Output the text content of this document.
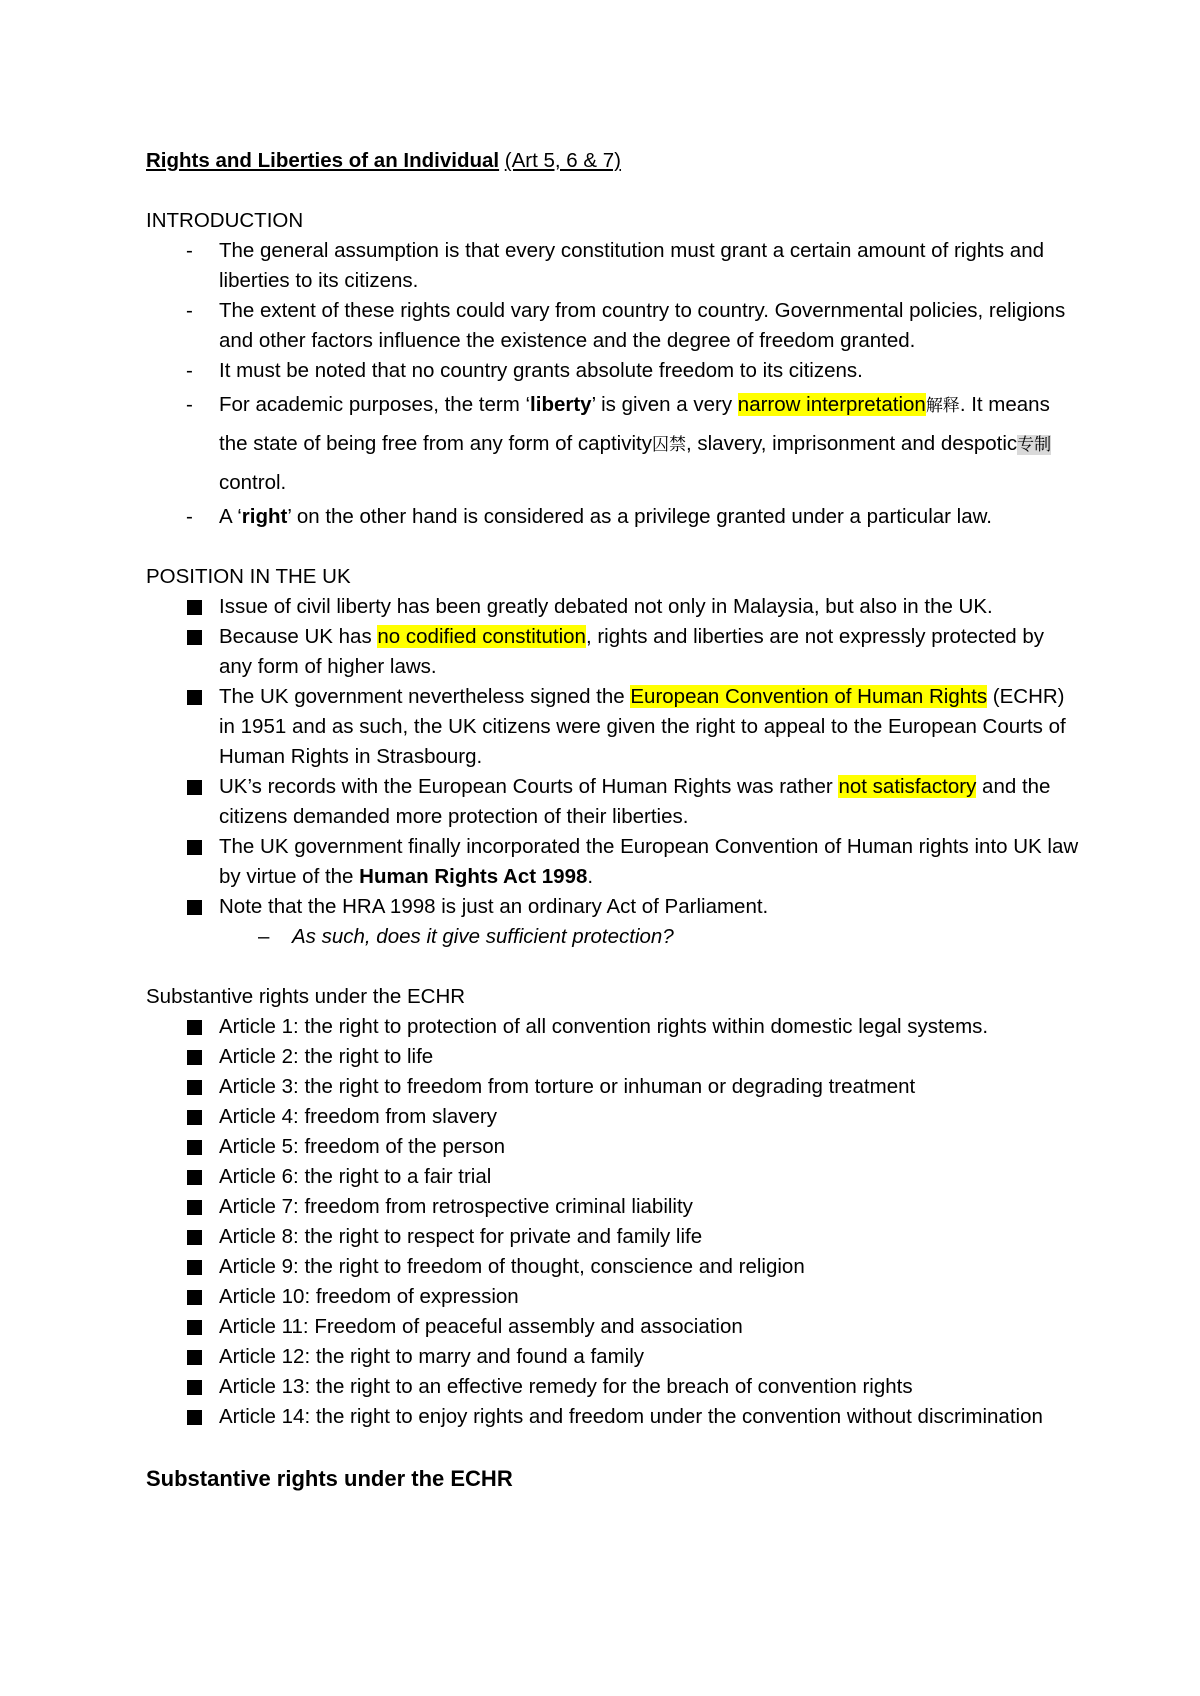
Rights and Liberties of an Individual (Art 5, 6 & 7)
INTRODUCTION
- The general assumption is that every constitution must grant a certain amount of rights and liberties to its citizens.
- The extent of these rights could vary from country to country. Governmental policies, religions and other factors influence the existence and the degree of freedom granted.
- It must be noted that no country grants absolute freedom to its citizens.
- For academic purposes, the term ‘liberty’ is given a very narrow interpretation解释. It means the state of being free from any form of captivity囚禁, slavery, imprisonment and despotic专制 control.
- A ‘right’ on the other hand is considered as a privilege granted under a particular law.
POSITION IN THE UK
Issue of civil liberty has been greatly debated not only in Malaysia, but also in the UK.
Because UK has no codified constitution, rights and liberties are not expressly protected by any form of higher laws.
The UK government nevertheless signed the European Convention of Human Rights (ECHR) in 1951 and as such, the UK citizens were given the right to appeal to the European Courts of Human Rights in Strasbourg.
UK’s records with the European Courts of Human Rights was rather not satisfactory and the citizens demanded more protection of their liberties.
The UK government finally incorporated the European Convention of Human rights into UK law by virtue of the Human Rights Act 1998.
Note that the HRA 1998 is just an ordinary Act of Parliament.
– As such, does it give sufficient protection?
Substantive rights under the ECHR
Article 1: the right to protection of all convention rights within domestic legal systems.
Article 2: the right to life
Article 3: the right to freedom from torture or inhuman or degrading treatment
Article 4: freedom from slavery
Article 5: freedom of the person
Article 6: the right to a fair trial
Article 7: freedom from retrospective criminal liability
Article 8: the right to respect for private and family life
Article 9: the right to freedom of thought, conscience and religion
Article 10: freedom of expression
Article 11: Freedom of peaceful assembly and association
Article 12: the right to marry and found a family
Article 13: the right to an effective remedy for the breach of convention rights
Article 14: the right to enjoy rights and freedom under the convention without discrimination
Substantive rights under the ECHR
